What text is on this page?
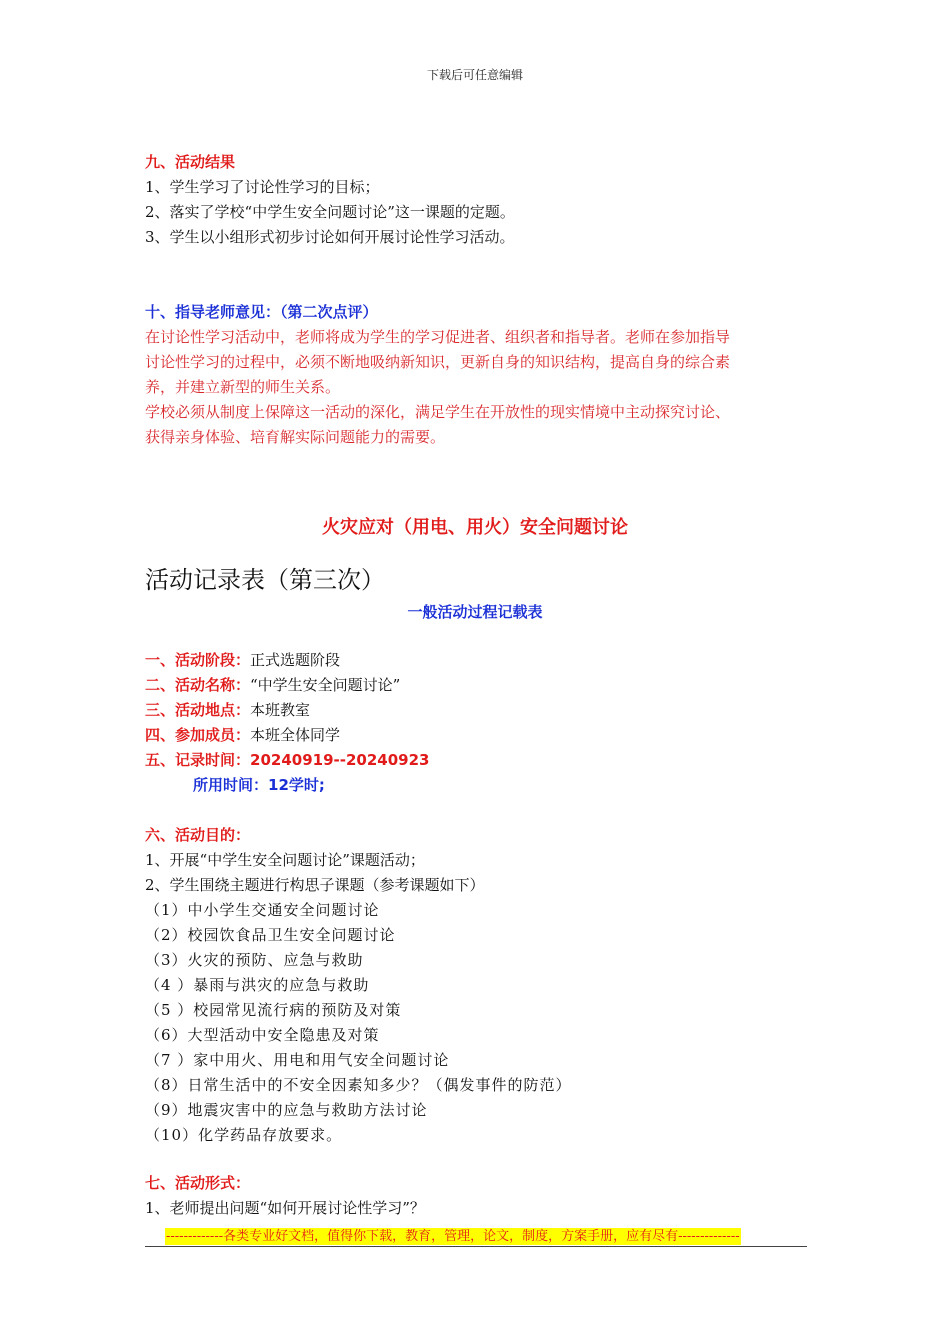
下载后可任意编辑
九、活动结果
1、学生学习了讨论性学习的目标；
2、落实了学校“中学生安全问题讨论”这一课题的定题。
3、学生以小组形式初步讨论如何开展讨论性学习活动。
十、指导老师意见：（第二次点评）
在讨论性学习活动中，老师将成为学生的学习促进者、组织者和指导者。老师在参加指导
讨论性学习的过程中，必须不断地吸纳新知识，更新自身的知识结构，提高自身的综合素
养，并建立新型的师生关系。
学校必须从制度上保障这一活动的深化，满足学生在开放性的现实情境中主动探究讨论、
获得亲身体验、培育解实际问题能力的需要。
火灾应对（用电、用火）安全问题讨论
活动记录表（第三次）
一般活动过程记载表
一、活动阶段：正式选题阶段
二、活动名称：“中学生安全问题讨论”
三、活动地点：本班教室
四、参加成员：本班全体同学
五、记录时间：20240919--20240923
所用时间：12学时;
六、活动目的：
1、开展“中学生安全问题讨论”课题活动；
2、学生围绕主题进行构思子课题（参考课题如下）
（1）中小学生交通安全问题讨论
（2）校园饮食品卫生安全问题讨论
（3）火灾的预防、应急与救助
（4 ）暴雨与洪灾的应急与救助
（5 ）校园常见流行病的预防及对策
（6）大型活动中安全隐患及对策
（7 ）家中用火、用电和用气安全问题讨论
（8）日常生活中的不安全因素知多少？（偶发事件的防范）
（9）地震灾害中的应急与救助方法讨论
（10）化学药品存放要求。
七、活动形式：
1、老师提出问题“如何开展讨论性学习”？
-------------各类专业好文档，值得你下载，教育，管理，论文，制度，方案手册，应有尽有--------------
